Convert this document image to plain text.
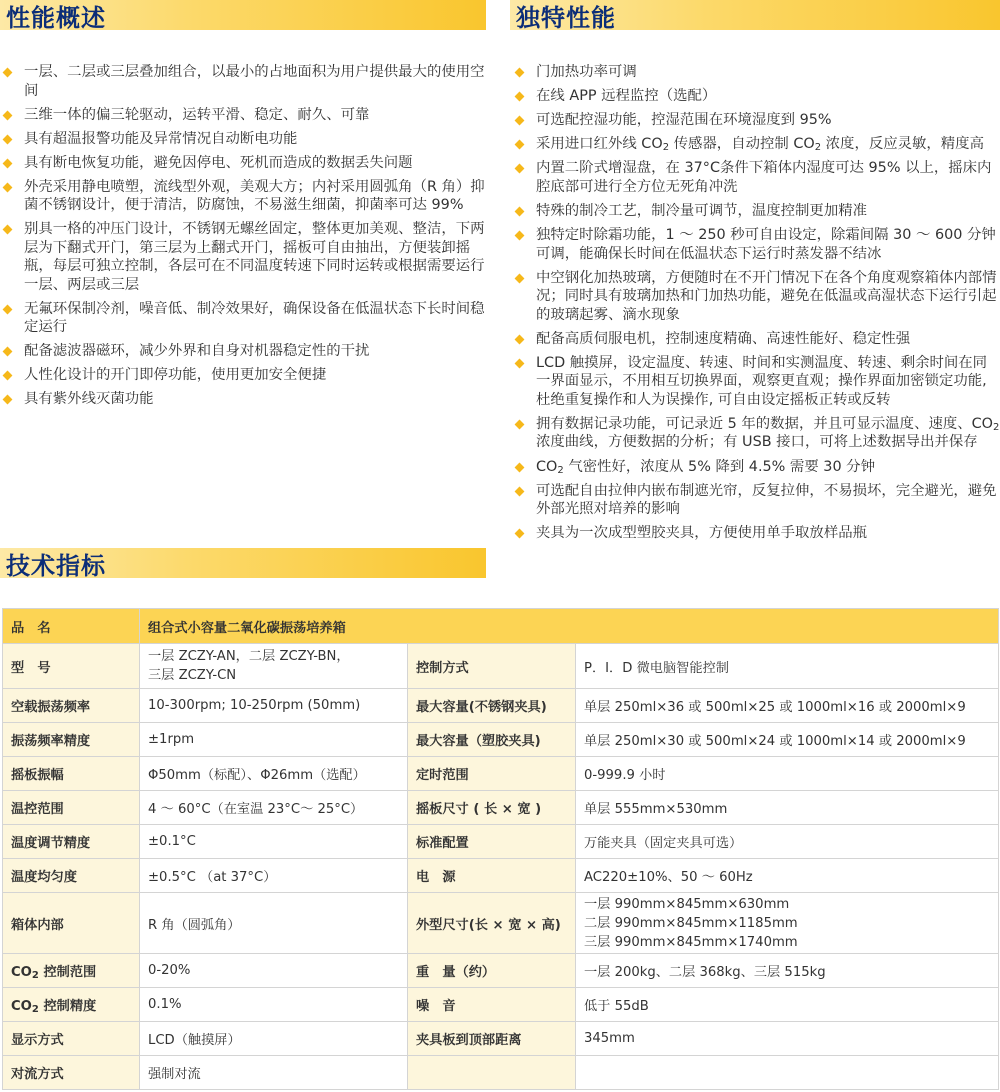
性能概述	独特性能
技术指标
一层、二层或三层叠加组合，以最小的占地面积为用户提供最大的使用空间
三维一体的偏三轮驱动，运转平滑、稳定、耐久、可靠
具有超温报警功能及异常情况自动断电功能
具有断电恢复功能，避免因停电、死机而造成的数据丢失问题
外壳采用静电喷塑，流线型外观，美观大方；内衬采用圆弧角（R 角）抑菌不锈钢设计，便于清洁，防腐蚀，不易滋生细菌，抑菌率可达 99%
别具一格的冲压门设计，不锈钢无螺丝固定，整体更加美观、整洁，下两层为下翻式开门，第三层为上翻式开门，摇板可自由抽出，方便装卸摇瓶，每层可独立控制，各层可在不同温度转速下同时运转或根据需要运行一层、两层或三层
无氟环保制冷剂，噪音低、制冷效果好，确保设备在低温状态下长时间稳定运行
配备滤波器磁环，减少外界和自身对机器稳定性的干扰
人性化设计的开门即停功能，使用更加安全便捷
具有紫外线灭菌功能
门加热功率可调
在线 APP 远程监控（选配）
可选配控湿功能，控湿范围在环境湿度到 95%
采用进口红外线 $CO_2$ 传感器，自动控制 $CO_2$ 浓度，反应灵敏，精度高
内置二阶式增湿盘，在 37°C条件下箱体内湿度可达 95% 以上，摇床内腔底部可进行全方位无死角冲洗
特殊的制冷工艺，制冷量可调节，温度控制更加精准
独特定时除霜功能，1 ～ 250 秒可自由设定，除霜间隔 30 ～ 600 分钟可调，能确保长时间在低温状态下运行时蒸发器不结冰
中空钢化加热玻璃，方便随时在不开门情况下在各个角度观察箱体内部情况；同时具有玻璃加热和门加热功能，避免在低温或高湿状态下运行引起的玻璃起雾、滴水现象
配备高质伺服电机，控制速度精确、高速性能好、稳定性强
LCD 触摸屏，设定温度、转速、时间和实测温度、转速、剩余时间在同一界面显示，不用相互切换界面，观察更直观；操作界面加密锁定功能,杜绝重复操作和人为误操作, 可自由设定摇板正转或反转
拥有数据记录功能，可记录近 5 年的数据，并且可显示温度、速度、$CO_2$ 浓度曲线，方便数据的分析；有 USB 接口，可将上述数据导出并保存
$CO_2$ 气密性好，浓度从 5% 降到 4.5% 需要 30 分钟
可选配自由拉伸内嵌布制遮光帘，反复拉伸，不易损坏，完全避光，避免外部光照对培养的影响
夹具为一次成型塑胶夹具，方便使用单手取放样品瓶
品　名	组合式小容量二氧化碳振荡培养箱		
型　号	一层 ZCZY-AN，二层 ZCZY-BN，
三层 ZCZY-CN	控制方式	P．I．D 微电脑智能控制
空载振荡频率	10-300rpm; 10-250rpm (50mm)	最大容量(不锈钢夹具)	单层 250ml×36 或 500ml×25 或 1000ml×16 或 2000ml×9
振荡频率精度	±1rpm	最大容量（塑胶夹具)	单层 250ml×30 或 500ml×24 或 1000ml×14 或 2000ml×9
摇板振幅	Φ50mm（标配）、Φ26mm（选配）	定时范围	0-999.9 小时
温控范围	4 ～ 60°C（在室温 23°C～ 25°C）	摇板尺寸 ( 长 × 宽 )	单层 555mm×530mm
温度调节精度	±0.1°C	标准配置	万能夹具（固定夹具可选）
温度均匀度	±0.5°C （at 37°C）	电　源	AC220±10%、50 ～ 60Hz
箱体内部	R 角（圆弧角）	外型尺寸(长 × 宽 × 高)	一层 990mm×845mm×630mm
二层 990mm×845mm×1185mm
三层 990mm×845mm×1740mm
$CO_2$ 控制范围	0-20%	重　量（约）	一层 200kg、二层 368kg、三层 515kg
$CO_2$ 控制精度	0.1%	噪　音	低于 55dB
显示方式	LCD（触摸屏）	夹具板到顶部距离	345mm
对流方式	强制对流		
